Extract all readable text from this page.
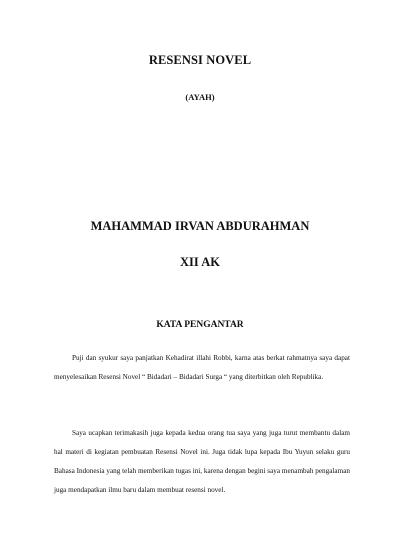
RESENSI NOVEL
(AYAH)
MAHAMMAD IRVAN ABDURAHMAN
XII AK
KATA PENGANTAR

Puji dan syukur saya panjatkan Kehadirat illahi Robbi, karna atas berkat rahmatnya saya dapat menyelesaikan Resensi Novel “ Bidadari – Bidadari Surga “ yang diterbitkan oleh Republika.

Saya ucapkan terimakasih juga kepada kedua orang tua saya yang juga turut membantu dalam hal materi di kegiatan pembuatan Resensi Novel ini. Juga tidak lupa kepada Ibu Yuyun selaku guru Bahasa Indonesia yang telah memberikan tugas ini, karena dengan begini saya menambah pengalaman juga mendapatkan ilmu baru dalam membuat resensi novel.
